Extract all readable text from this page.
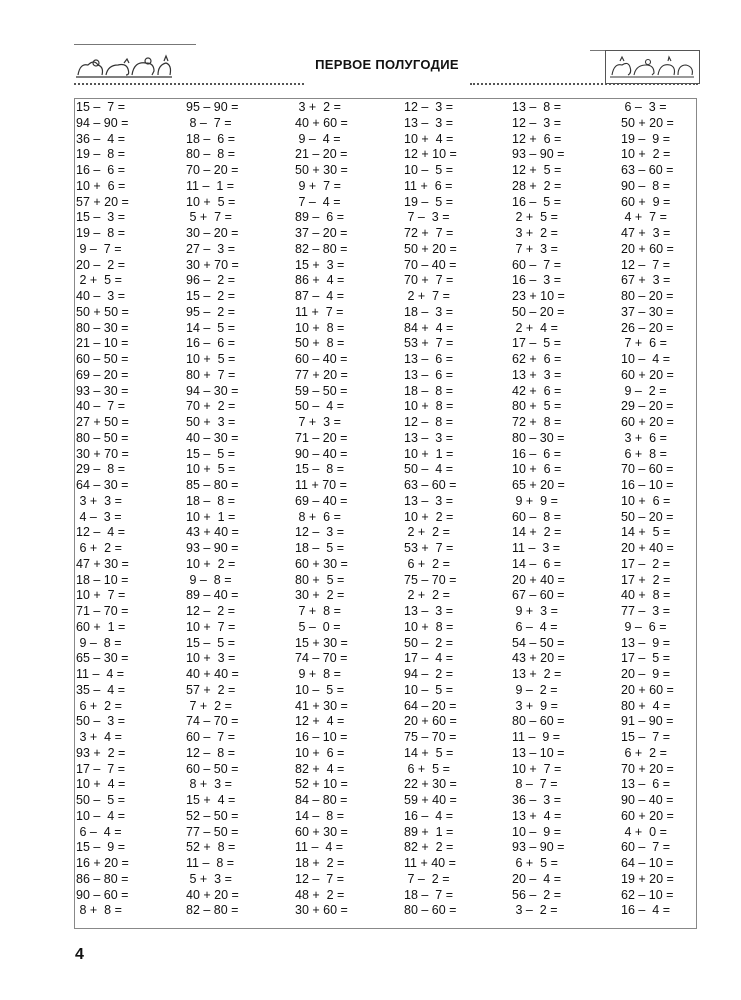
ПЕРВОЕ ПОЛУГОДИЕ
15 –  7 =	95 – 90 =	3 +  2 =	12 –  3 =	13 –  8 =	6 –  3 =
94 – 90 =	8 –  7 =	40 + 60 =	13 –  3 =	12 –  3 =	50 + 20 =
36 –  4 =	18 –  6 =	9 –  4 =	10 +  4 =	12 +  6 =	19 –  9 =
19 –  8 =	80 –  8 =	21 – 20 =	12 + 10 =	93 – 90 =	10 +  2 =
16 –  6 =	70 – 20 =	50 + 30 =	10 –  5 =	12 +  5 =	63 – 60 =
10 +  6 =	11 –  1 =	9 +  7 =	11 +  6 =	28 +  2 =	90 –  8 =
57 + 20 =	10 +  5 =	7 –  4 =	19 –  5 =	16 –  5 =	60 +  9 =
15 –  3 =	5 +  7 =	89 –  6 =	7 –  3 =	2 +  5 =	4 +  7 =
19 –  8 =	30 – 20 =	37 – 20 =	72 +  7 =	3 +  2 =	47 +  3 =
9 –  7 =	27 –  3 =	82 – 80 =	50 + 20 =	7 +  3 =	20 + 60 =
20 –  2 =	30 + 70 =	15 +  3 =	70 – 40 =	60 –  7 =	12 –  7 =
2 +  5 =	96 –  2 =	86 +  4 =	70 +  7 =	16 –  3 =	67 +  3 =
40 –  3 =	15 –  2 =	87 –  4 =	2 +  7 =	23 + 10 =	80 – 20 =
50 + 50 =	95 –  2 =	11 +  7 =	18 –  3 =	50 – 20 =	37 – 30 =
80 – 30 =	14 –  5 =	10 +  8 =	84 +  4 =	2 +  4 =	26 – 20 =
21 – 10 =	16 –  6 =	50 +  8 =	53 +  7 =	17 –  5 =	7 +  6 =
60 – 50 =	10 +  5 =	60 – 40 =	13 –  6 =	62 +  6 =	10 –  4 =
69 – 20 =	80 +  7 =	77 + 20 =	13 –  6 =	13 +  3 =	60 + 20 =
93 – 30 =	94 – 30 =	59 – 50 =	18 –  8 =	42 +  6 =	9 –  2 =
40 –  7 =	70 +  2 =	50 –  4 =	10 +  8 =	80 +  5 =	29 – 20 =
27 + 50 =	50 +  3 =	7 +  3 =	12 –  8 =	72 +  8 =	60 + 20 =
80 – 50 =	40 – 30 =	71 – 20 =	13 –  3 =	80 – 30 =	3 +  6 =
30 + 70 =	15 –  5 =	90 – 40 =	10 +  1 =	16 –  6 =	6 +  8 =
29 –  8 =	10 +  5 =	15 –  8 =	50 –  4 =	10 +  6 =	70 – 60 =
64 – 30 =	85 – 80 =	11 + 70 =	63 – 60 =	65 + 20 =	16 – 10 =
3 +  3 =	18 –  8 =	69 – 40 =	13 –  3 =	9 +  9 =	10 +  6 =
4 –  3 =	10 +  1 =	8 +  6 =	10 +  2 =	60 –  8 =	50 – 20 =
12 –  4 =	43 + 40 =	12 –  3 =	2 +  2 =	14 +  2 =	14 +  5 =
6 +  2 =	93 – 90 =	18 –  5 =	53 +  7 =	11 –  3 =	20 + 40 =
47 + 30 =	10 +  2 =	60 + 30 =	6 +  2 =	14 –  6 =	17 –  2 =
18 – 10 =	9 –  8 =	80 +  5 =	75 – 70 =	20 + 40 =	17 +  2 =
10 +  7 =	89 – 40 =	30 +  2 =	2 +  2 =	67 – 60 =	40 +  8 =
71 – 70 =	12 –  2 =	7 +  8 =	13 –  3 =	9 +  3 =	77 –  3 =
60 +  1 =	10 +  7 =	5 –  0 =	10 +  8 =	6 –  4 =	9 –  6 =
9 –  8 =	15 –  5 =	15 + 30 =	50 –  2 =	54 – 50 =	13 –  9 =
65 – 30 =	10 +  3 =	74 – 70 =	17 –  4 =	43 + 20 =	17 –  5 =
11 –  4 =	40 + 40 =	9 +  8 =	94 –  2 =	13 +  2 =	20 –  9 =
35 –  4 =	57 +  2 =	10 –  5 =	10 –  5 =	9 –  2 =	20 + 60 =
6 +  2 =	7 +  2 =	41 + 30 =	64 – 20 =	3 +  9 =	80 +  4 =
50 –  3 =	74 – 70 =	12 +  4 =	20 + 60 =	80 – 60 =	91 – 90 =
3 +  4 =	60 –  7 =	16 – 10 =	75 – 70 =	11 –  9 =	15 –  7 =
93 +  2 =	12 –  8 =	10 +  6 =	14 +  5 =	13 – 10 =	6 +  2 =
17 –  7 =	60 – 50 =	82 +  4 =	6 +  5 =	10 +  7 =	70 + 20 =
10 +  4 =	8 +  3 =	52 + 10 =	22 + 30 =	8 –  7 =	13 –  6 =
50 –  5 =	15 +  4 =	84 – 80 =	59 + 40 =	36 –  3 =	90 – 40 =
10 –  4 =	52 – 50 =	14 –  8 =	16 –  4 =	13 +  4 =	60 + 20 =
6 –  4 =	77 – 50 =	60 + 30 =	89 +  1 =	10 –  9 =	4 +  0 =
15 –  9 =	52 +  8 =	11 –  4 =	82 +  2 =	93 – 90 =	60 –  7 =
16 + 20 =	11 –  8 =	18 +  2 =	11 + 40 =	6 +  5 =	64 – 10 =
86 – 80 =	5 +  3 =	12 –  7 =	7 –  2 =	20 –  4 =	19 + 20 =
90 – 60 =	40 + 20 =	48 +  2 =	18 –  7 =	56 –  2 =	62 – 10 =
8 +  8 =	82 – 80 =	30 + 60 =	80 – 60 =	3 –  2 =	16 –  4 =
4
